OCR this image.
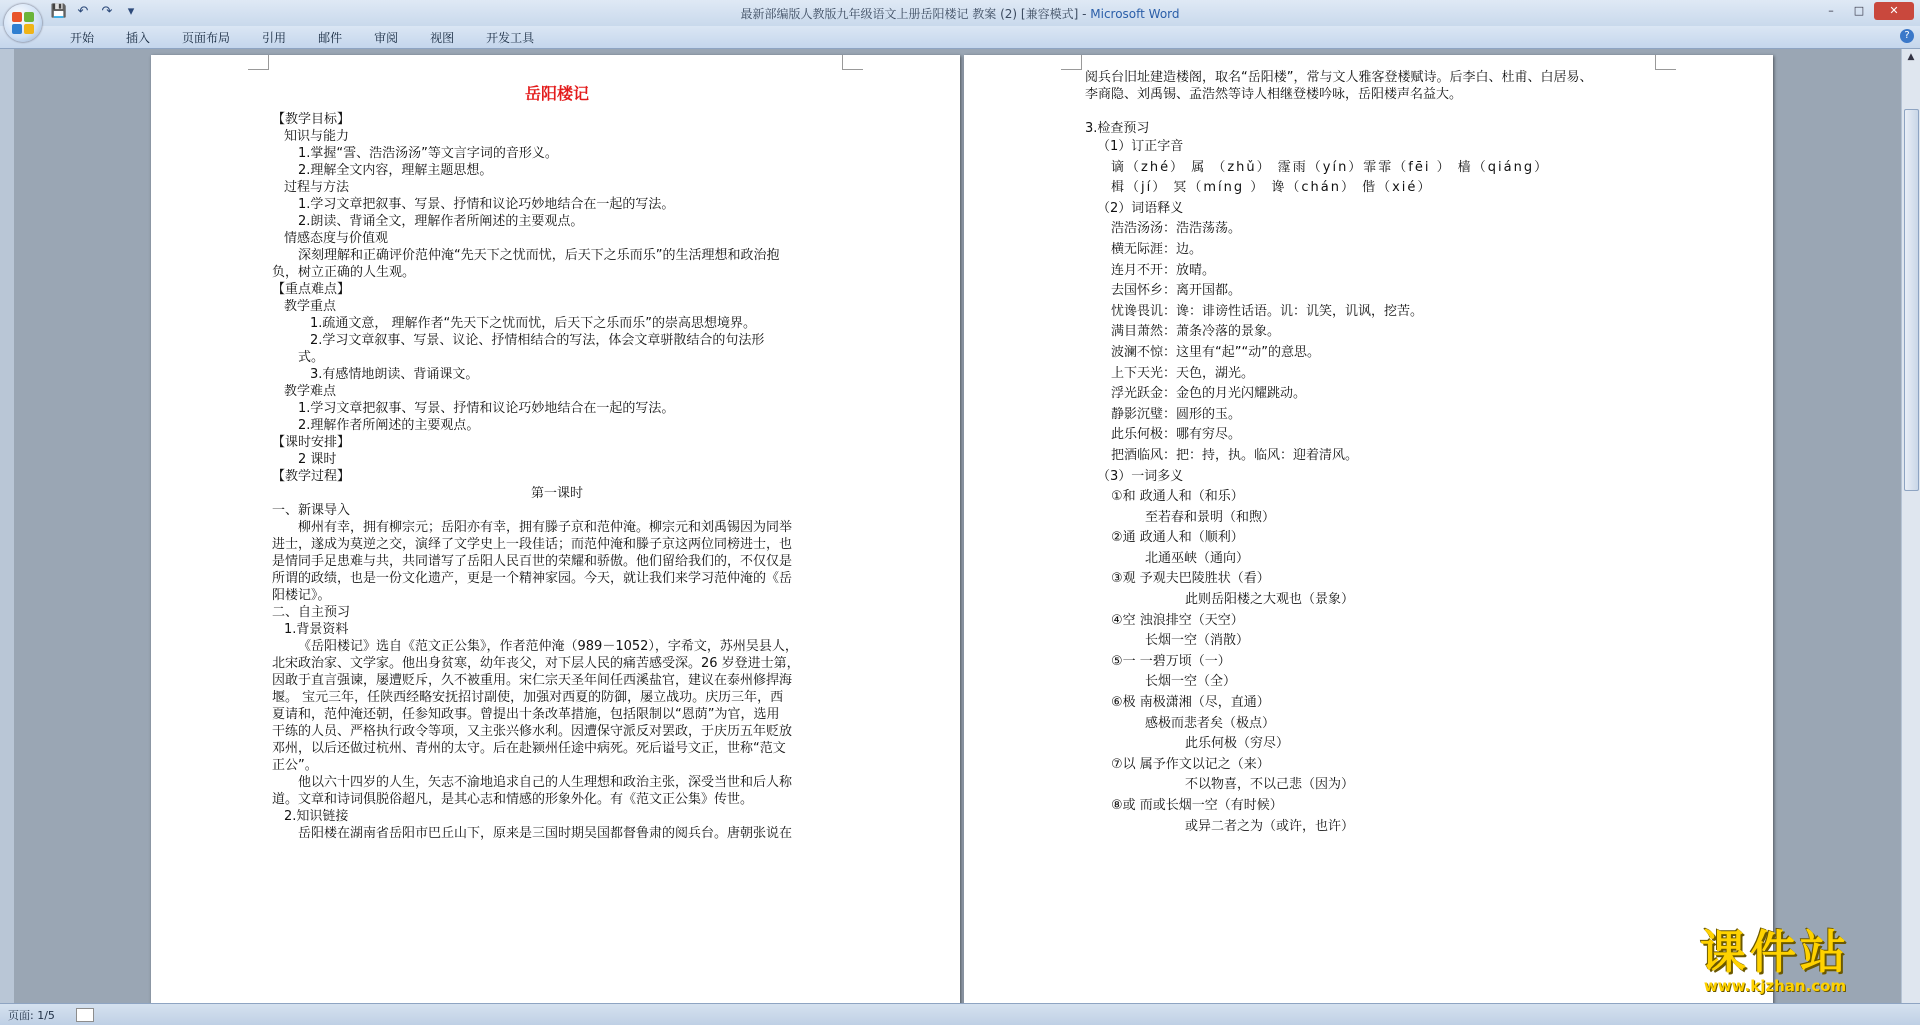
💾 ↶ ↷	▾	最新部编版人教版九年级语文上册岳阳楼记 教案 (2) [兼容模式] - Microsoft Word	–	□	✕
开始	插入	页面布局	引用	邮件	审阅	视图	开发工具	?
岳阳楼记
【教学目标】
知识与能力
1.掌握“霅、浩浩汤汤”等文言字词的音形义。
2.理解全文内容，理解主题思想。
过程与方法
1.学习文章把叙事、写景、抒情和议论巧妙地结合在一起的写法。
2.朗读、背诵全文，理解作者所阐述的主要观点。
情感态度与价值观
深刻理解和正确评价范仲淹“先天下之忧而忧，后天下之乐而乐”的生活理想和政治抱
负，树立正确的人生观。
【重点难点】
教学重点
1.疏通文意， 理解作者“先天下之忧而忧，后天下之乐而乐”的崇高思想境界。
2.学习文章叙事、写景、议论、抒情相结合的写法，体会文章骈散结合的句法形
式。
3.有感情地朗读、背诵课文。
教学难点
1.学习文章把叙事、写景、抒情和议论巧妙地结合在一起的写法。
2.理解作者所阐述的主要观点。
【课时安排】
2 课时
【教学过程】
第一课时
一、新课导入
柳州有幸，拥有柳宗元；岳阳亦有幸，拥有滕子京和范仲淹。柳宗元和刘禹锡因为同举
进士，遂成为莫逆之交，演绎了文学史上一段佳话；而范仲淹和滕子京这两位同榜进士，也
是情同手足患难与共，共同谱写了岳阳人民百世的荣耀和骄傲。他们留给我们的，不仅仅是
所谓的政绩，也是一份文化遗产，更是一个精神家园。今天，就让我们来学习范仲淹的《岳
阳楼记》。
二、自主预习
1.背景资料
《岳阳楼记》选自《范文正公集》，作者范仲淹（989－1052），字希文，苏州吴县人，
北宋政治家、文学家。他出身贫寒，幼年丧父，对下层人民的痛苦感受深。26 岁登进士第，
因敢于直言强谏，屡遭贬斥，久不被重用。宋仁宗天圣年间任西溪盐官，建议在泰州修捍海
堰。 宝元三年，任陕西经略安抚招讨副使，加强对西夏的防御，屡立战功。庆历三年，西
夏请和，范仲淹还朝，任参知政事。曾提出十条改革措施，包括限制以“恩荫”为官，选用
干练的人员、严格执行政令等项，又主张兴修水利。因遭保守派反对罢政，于庆历五年贬放
邓州，以后还做过杭州、青州的太守。后在赴颍州任途中病死。死后谥号文正，世称“范文
正公”。
他以六十四岁的人生，矢志不渝地追求自己的人生理想和政治主张，深受当世和后人称
道。文章和诗词俱脱俗超凡，是其心志和情感的形象外化。有《范文正公集》传世。
2.知识链接
岳阳楼在湖南省岳阳市巴丘山下，原来是三国时期吴国都督鲁肃的阅兵台。唐朝张说在
阅兵台旧址建造楼阁，取名“岳阳楼”，常与文人雅客登楼赋诗。后李白、杜甫、白居易、
李商隐、刘禹锡、孟浩然等诗人相继登楼吟咏，岳阳楼声名益大。
3.检查预习
（1）订正字音
谪（zhé） 属 （zhǔ） 霪雨（yín）霏霏（fēi ） 樯（qiáng）
楫（jí） 冥（míng ） 谗（chán） 偕（xié）
（2）词语释义
浩浩汤汤：浩浩荡荡。
横无际涯：边。
连月不开：放晴。
去国怀乡：离开国都。
忧谗畏讥：谗：诽谤性话语。讥：讥笑，讥讽，挖苦。
满目萧然：萧条冷落的景象。
波澜不惊：这里有“起”“动”的意思。
上下天光：天色，湖光。
浮光跃金：金色的月光闪耀跳动。
静影沉璧：圆形的玉。
此乐何极：哪有穷尽。
把酒临风：把：持，执。临风：迎着清风。
（3）一词多义
①和 政通人和（和乐）
至若春和景明（和煦）
②通 政通人和（顺利）
北通巫峡（通向）
③观 予观夫巴陵胜状（看）
此则岳阳楼之大观也（景象）
④空 浊浪排空（天空）
长烟一空（消散）
⑤一 一碧万顷（一）
长烟一空（全）
⑥极 南极潇湘（尽，直通）
感极而悲者矣（极点）
此乐何极（穷尽）
⑦以 属予作文以记之（来）
不以物喜，不以己悲（因为）
⑧或 而或长烟一空（有时候）
或异二者之为（或许，也许）
▲
页面: 1/5
课件站
www.kjzhan.com
